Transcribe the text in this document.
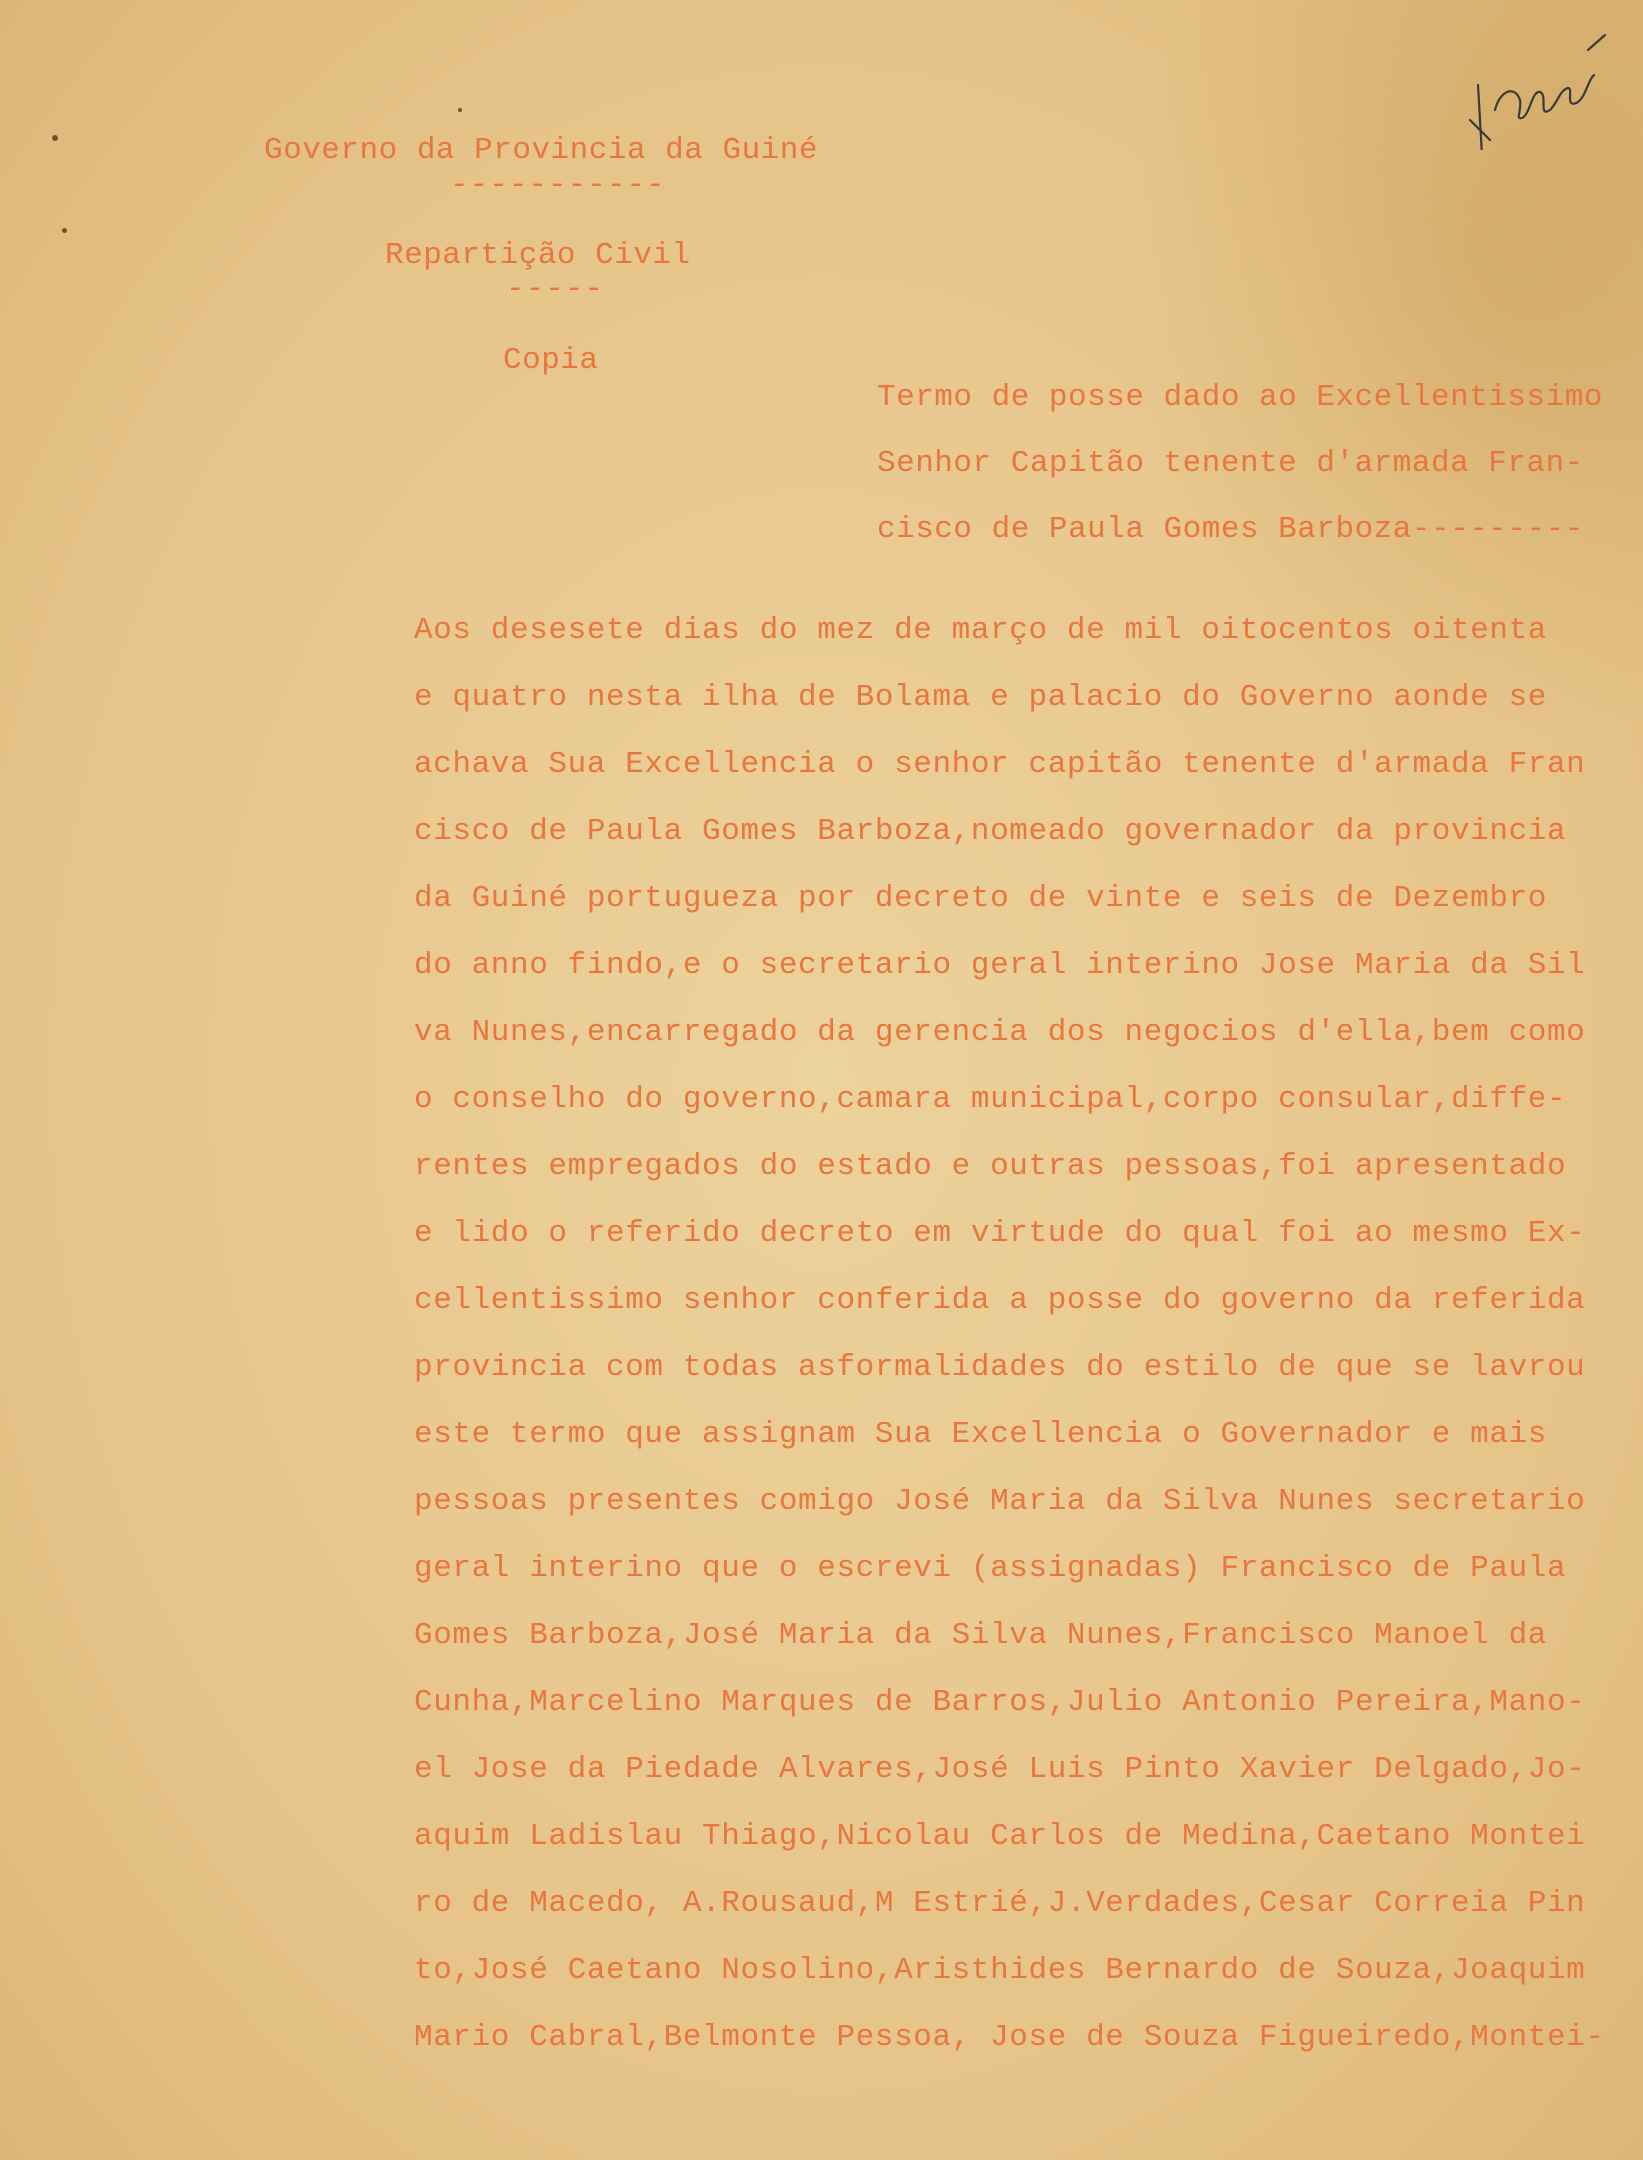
Governo da Provincia da Guiné
-----------
Repartição Civil
-----
Copia
Termo de posse dado ao Excellentissimo
Senhor Capitão tenente d'armada Fran-
cisco de Paula Gomes Barboza---------
Aos desesete dias do mez de março de mil oitocentos oitenta
e quatro nesta ilha de Bolama e palacio do Governo aonde se
achava Sua Excellencia o senhor capitão tenente d'armada Fran
cisco de Paula Gomes Barboza,nomeado governador da provincia
da Guiné portugueza por decreto de vinte e seis de Dezembro
do anno findo,e o secretario geral interino Jose Maria da Sil
va Nunes,encarregado da gerencia dos negocios d'ella,bem como
o conselho do governo,camara municipal,corpo consular,diffe-
rentes empregados do estado e outras pessoas,foi apresentado
e lido o referido decreto em virtude do qual foi ao mesmo Ex-
cellentissimo senhor conferida a posse do governo da referida
provincia com todas asformalidades do estilo de que se lavrou
este termo que assignam Sua Excellencia o Governador e mais
pessoas presentes comigo José Maria da Silva Nunes secretario
geral interino que o escrevi (assignadas) Francisco de Paula
Gomes Barboza,José Maria da Silva Nunes,Francisco Manoel da
Cunha,Marcelino Marques de Barros,Julio Antonio Pereira,Mano-
el Jose da Piedade Alvares,José Luis Pinto Xavier Delgado,Jo-
aquim Ladislau Thiago,Nicolau Carlos de Medina,Caetano Montei
ro de Macedo, A.Rousaud,M Estrié,J.Verdades,Cesar Correia Pin
to,José Caetano Nosolino,Aristhides Bernardo de Souza,Joaquim
Mario Cabral,Belmonte Pessoa, Jose de Souza Figueiredo,Montei-
